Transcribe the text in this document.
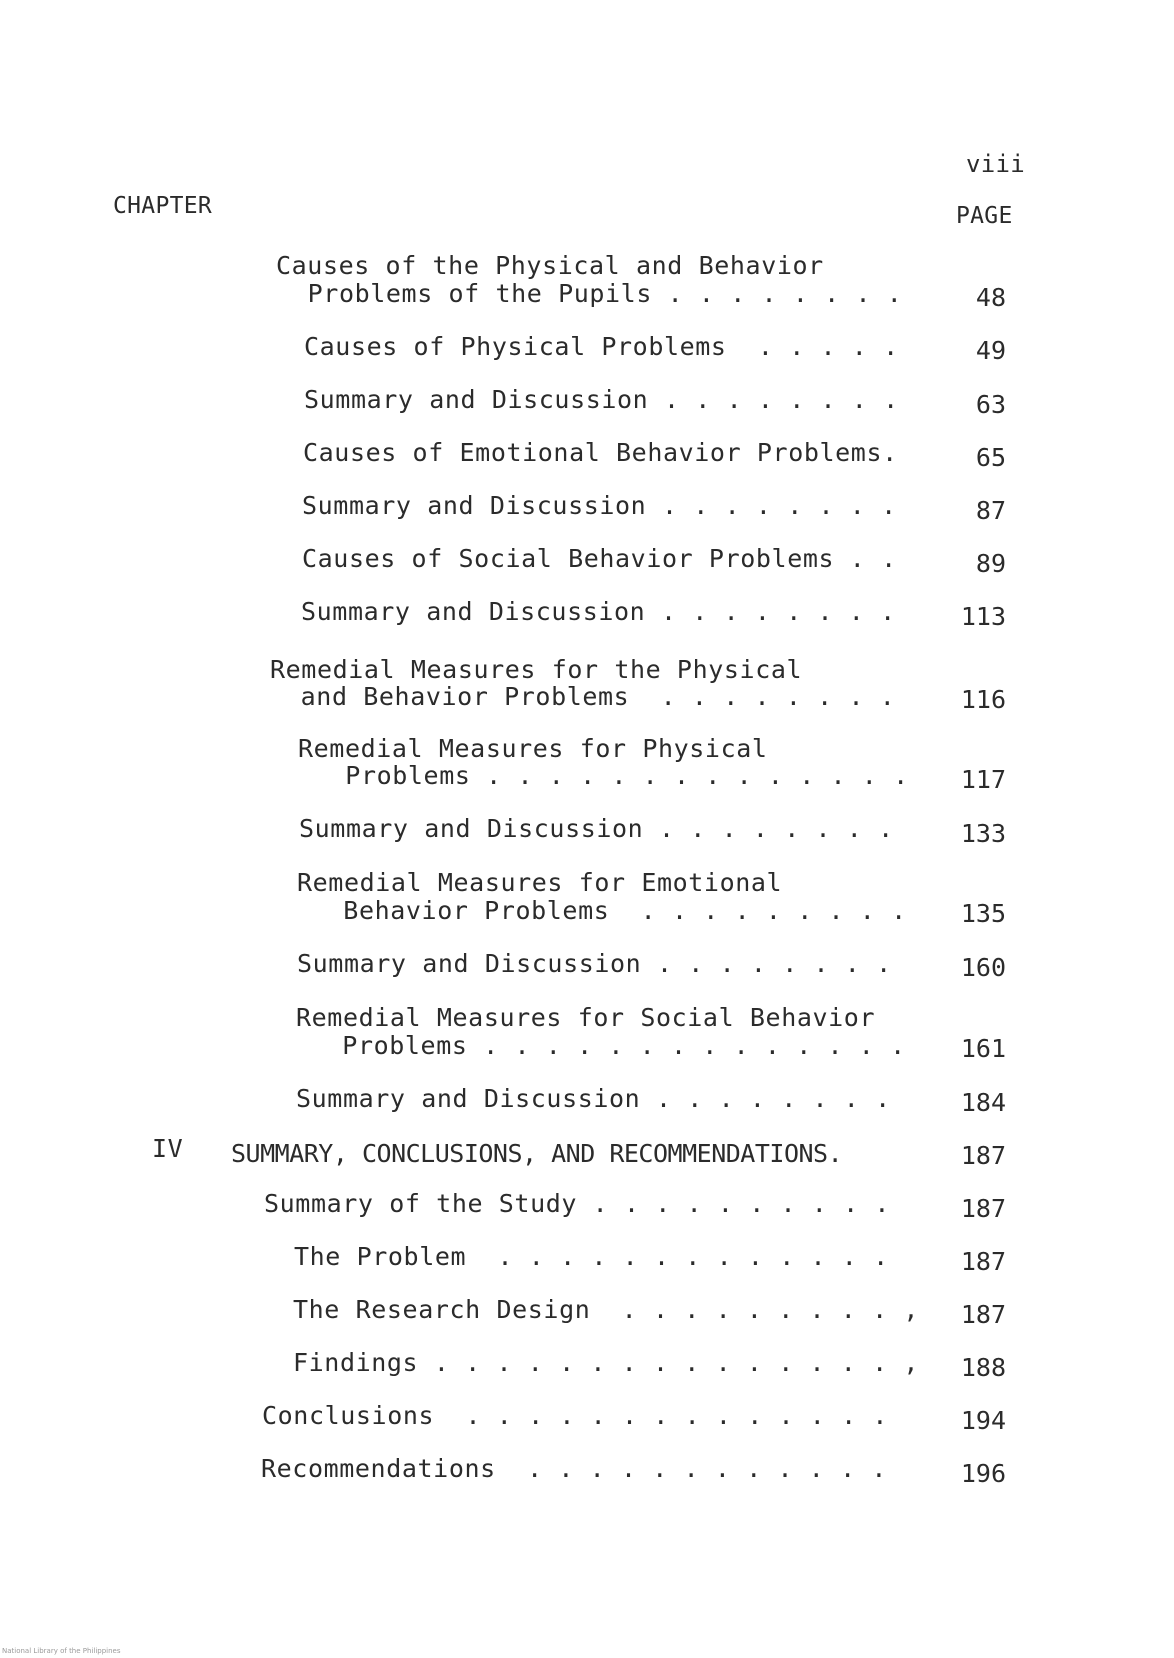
viii
CHAPTER	PAGE
Causes of the Physical and Behavior
Problems of the Pupils . . . . . . . .	48
Causes of Physical Problems  . . . . .	49
Summary and Discussion . . . . . . . .	63
Causes of Emotional Behavior Problems.	65
Summary and Discussion . . . . . . . .	87
Causes of Social Behavior Problems . .	89
Summary and Discussion . . . . . . . .	113
Remedial Measures for the Physical
and Behavior Problems  . . . . . . . .	116
Remedial Measures for Physical
Problems . . . . . . . . . . . . . .	117
Summary and Discussion . . . . . . . .	133
Remedial Measures for Emotional
Behavior Problems  . . . . . . . . .	135
Summary and Discussion . . . . . . . .	160
Remedial Measures for Social Behavior
Problems . . . . . . . . . . . . . .	161
Summary and Discussion . . . . . . . .	184
IV SUMMARY, CONCLUSIONS, AND RECOMMENDATIONS.	187
Summary of the Study . . . . . . . . . .	187
The Problem  . . . . . . . . . . . . .	187
The Research Design  . . . . . . . . . ,	187
Findings . . . . . . . . . . . . . . . ,	188
Conclusions  . . . . . . . . . . . . . .	194
Recommendations  . . . . . . . . . . . .	196
National Library of the Philippines
